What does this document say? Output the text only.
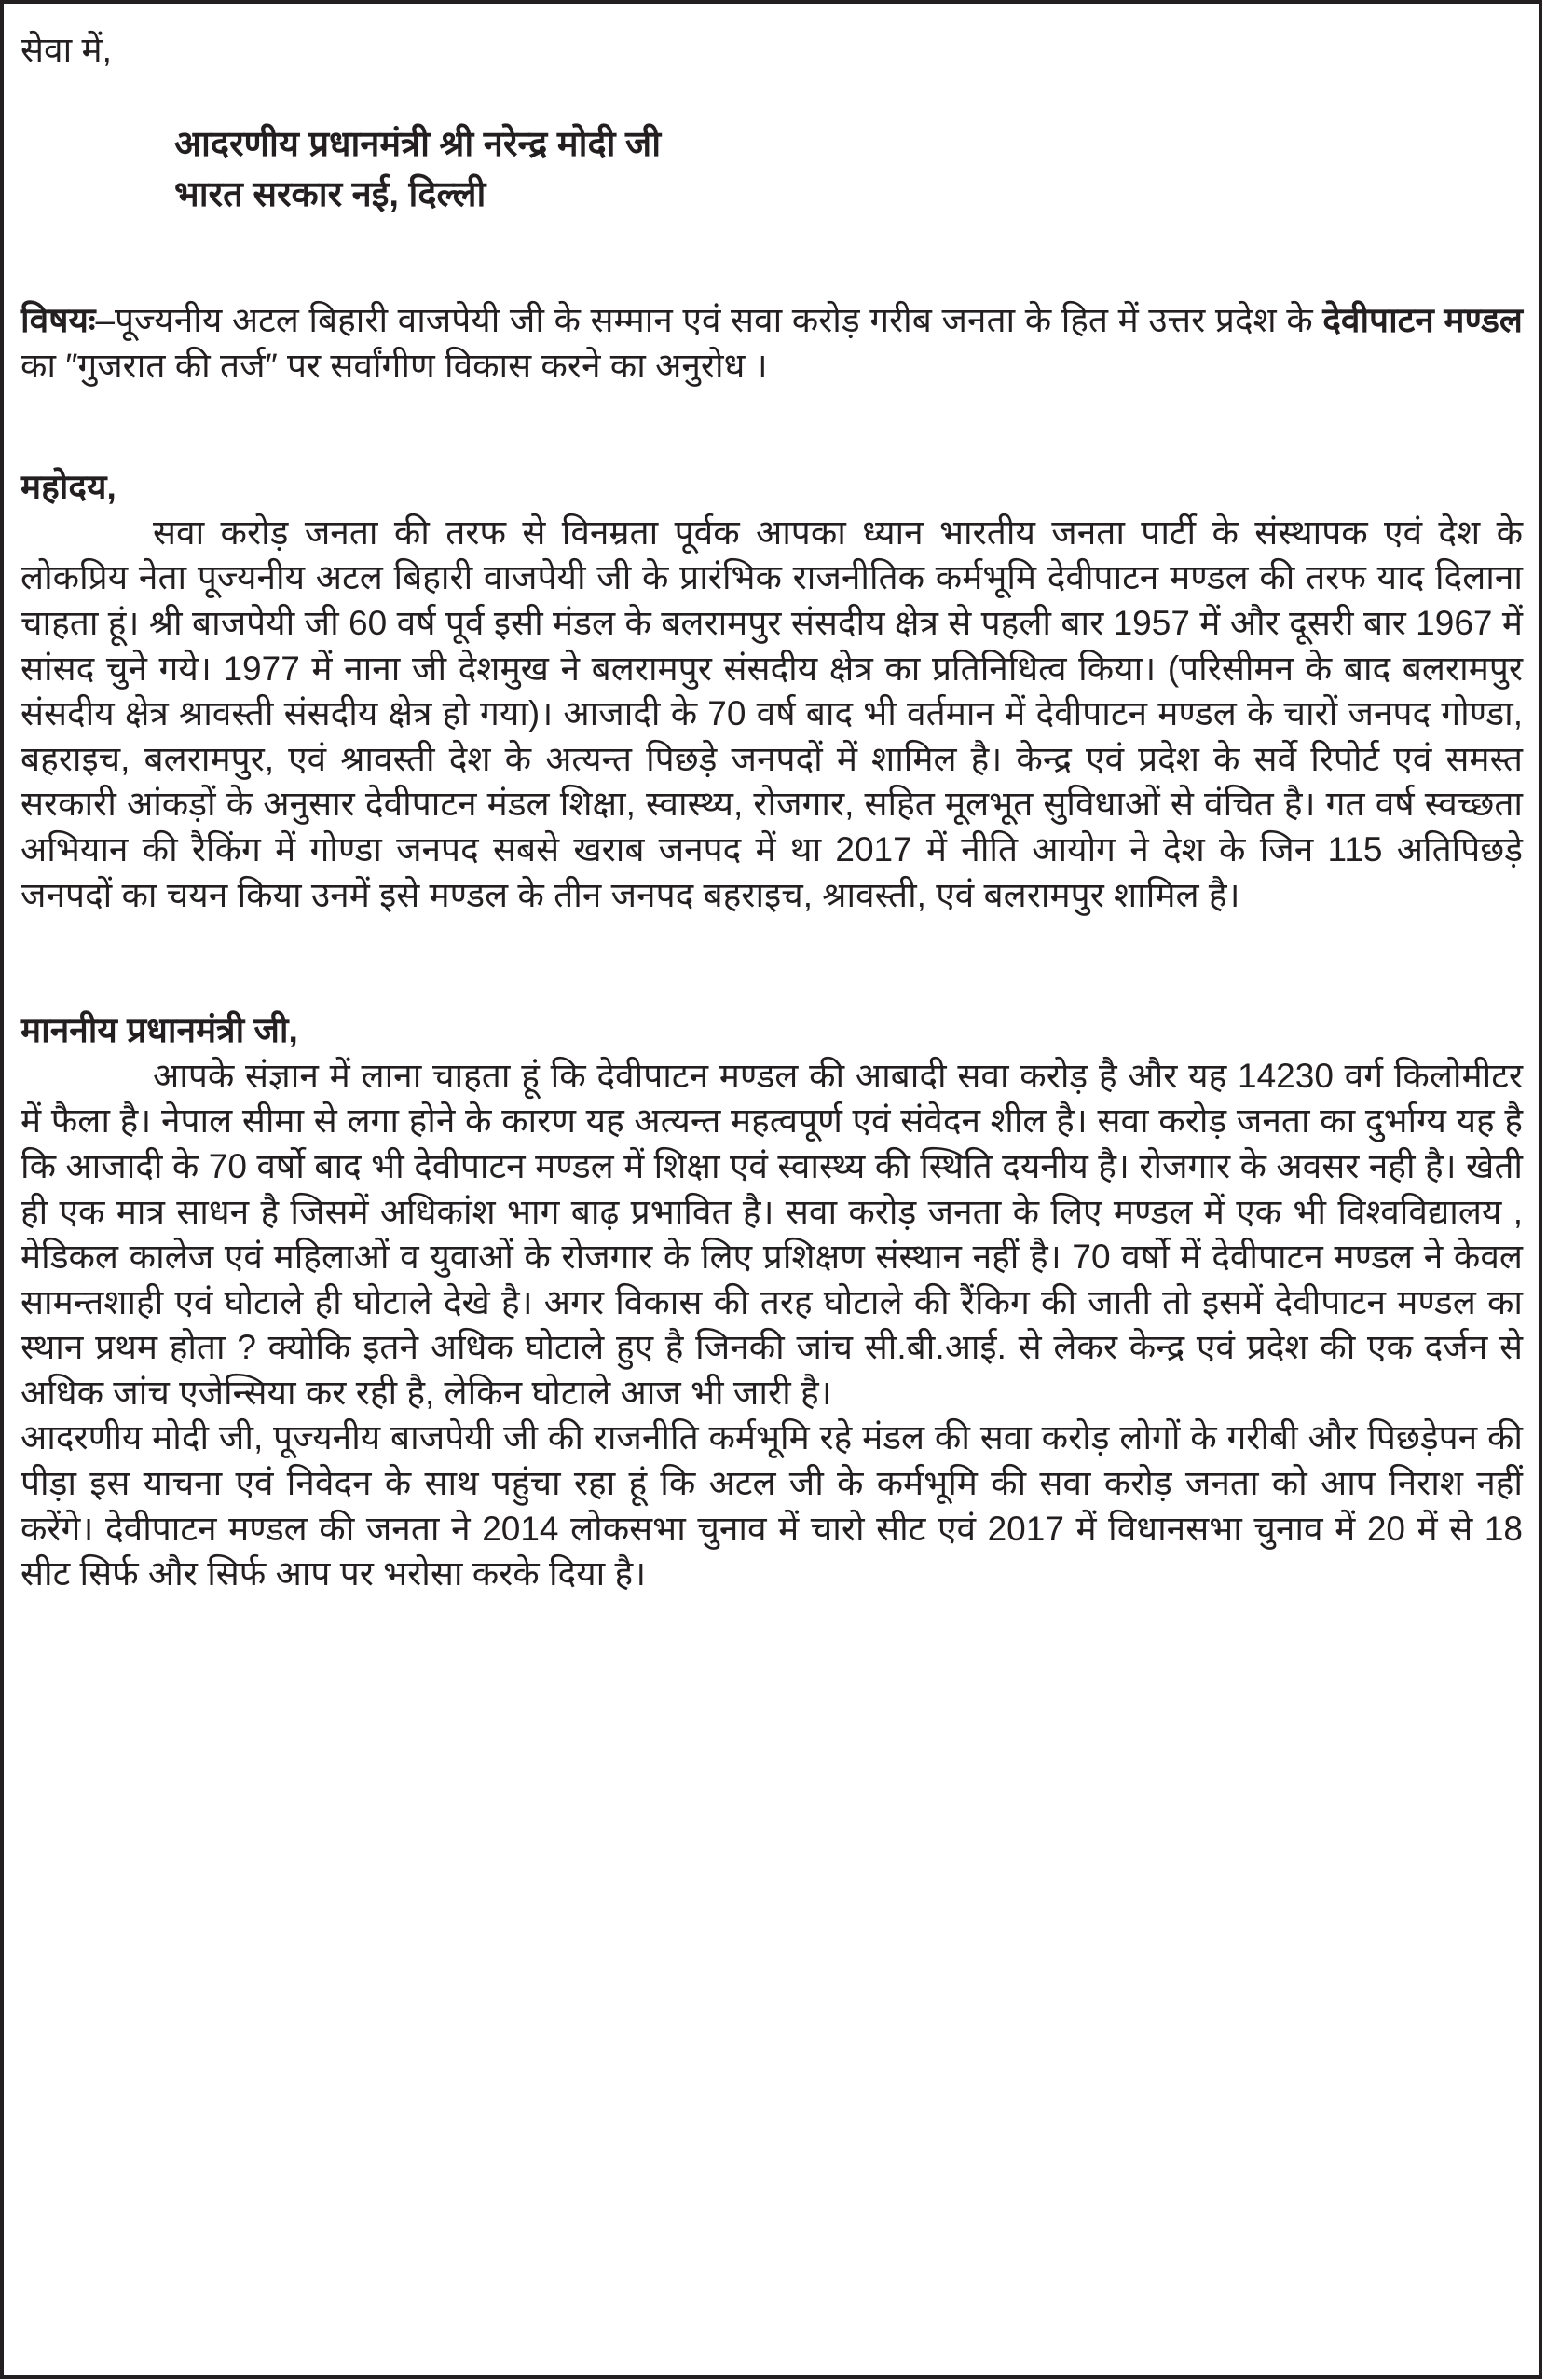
सेवा में,

आदरणीय प्रधानमंत्री श्री नरेन्द्र मोदी जी
भारत सरकार नई, दिल्ली

विषयः–पूज्यनीय अटल बिहारी वाजपेयी जी के सम्मान एवं सवा करोड़ गरीब जनता के हित में उत्तर प्रदेश के देवीपाटन मण्डल का ″गुजरात की तर्ज″ पर सर्वांगीण विकास करने का अनुरोध ।

महोदय,

सवा करोड़ जनता की तरफ से विनम्रता पूर्वक आपका ध्यान भारतीय जनता पार्टी के संस्थापक एवं देश के लोकप्रिय नेता पूज्यनीय अटल बिहारी वाजपेयी जी के प्रारंभिक राजनीतिक कर्मभूमि देवीपाटन मण्डल की तरफ याद दिलाना चाहता हूं। श्री बाजपेयी जी 60 वर्ष पूर्व इसी मंडल के बलरामपुर संसदीय क्षेत्र से पहली बार 1957 में और दूसरी बार 1967 में सांसद चुने गये। 1977 में नाना जी देशमुख ने बलरामपुर संसदीय क्षेत्र का प्रतिनिधित्व किया। (परिसीमन के बाद बलरामपुर संसदीय क्षेत्र श्रावस्ती संसदीय क्षेत्र हो गया)। आजादी के 70 वर्ष बाद भी वर्तमान में देवीपाटन मण्डल के चारों जनपद गोण्डा, बहराइच, बलरामपुर, एवं श्रावस्ती देश के अत्यन्त पिछड़े जनपदों में शामिल है। केन्द्र एवं प्रदेश के सर्वे रिपोर्ट एवं समस्त सरकारी आंकड़ों के अनुसार देवीपाटन मंडल शिक्षा, स्वास्थ्य, रोजगार, सहित मूलभूत सुविधाओं से वंचित है। गत वर्ष स्वच्छता अभियान की रैकिंग में गोण्डा जनपद सबसे खराब जनपद में था 2017 में नीति आयोग ने देश के जिन 115 अतिपिछड़े जनपदों का चयन किया उनमें इसे मण्डल के तीन जनपद बहराइच, श्रावस्ती, एवं बलरामपुर शामिल है।

माननीय प्रधानमंत्री जी,

आपके संज्ञान में लाना चाहता हूं कि देवीपाटन मण्डल की आबादी सवा करोड़ है और यह 14230 वर्ग किलोमीटर में फैला है। नेपाल सीमा से लगा होने के कारण यह अत्यन्त महत्वपूर्ण एवं संवेदन शील है। सवा करोड़ जनता का दुर्भाग्य यह है कि आजादी के 70 वर्षो बाद भी देवीपाटन मण्डल में शिक्षा एवं स्वास्थ्य की स्थिति दयनीय है। रोजगार के अवसर नही है। खेती ही एक मात्र साधन है जिसमें अधिकांश भाग बाढ़ प्रभावित है। सवा करोड़ जनता के लिए मण्डल में एक भी विश्वविद्यालय , मेडिकल कालेज एवं महिलाओं व युवाओं के रोजगार के लिए प्रशिक्षण संस्थान नहीं है। 70 वर्षो में देवीपाटन मण्डल ने केवल सामन्तशाही एवं घोटाले ही घोटाले देखे है। अगर विकास की तरह घोटाले की रैंकिग की जाती तो इसमें देवीपाटन मण्डल का स्थान प्रथम होता ? क्योकि इतने अधिक घोटाले हुए है जिनकी जांच सी.बी.आई. से लेकर केन्द्र एवं प्रदेश की एक दर्जन से अधिक जांच एजेन्सिया कर रही है, लेकिन घोटाले आज भी जारी है।

आदरणीय मोदी जी, पूज्यनीय बाजपेयी जी की राजनीति कर्मभूमि रहे मंडल की सवा करोड़ लोगों के गरीबी और पिछड़ेपन की पीड़ा इस याचना एवं निवेदन के साथ पहुंचा रहा हूं कि अटल जी के कर्मभूमि की सवा करोड़ जनता को आप निराश नहीं करेंगे। देवीपाटन मण्डल की जनता ने 2014 लोकसभा चुनाव में चारो सीट एवं 2017 में विधानसभा चुनाव में 20 में से 18 सीट सिर्फ और सिर्फ आप पर भरोसा करके दिया है।
